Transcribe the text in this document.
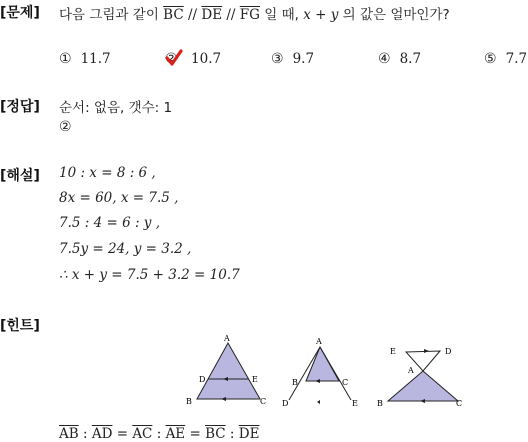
[문제]
[정답]
[해설]
[힌트]
다음 그림과 같이 $\overline{BC} // \overline{DE} // \overline{FG}$ 일 때, x + y 의 값은 얼마인가?
① 11.7	② 10.7	③ 9.7	④ 8.7	⑤ 7.7
순서: 없음, 갯수: 1
②
10 : x = 8 : 6 ,
8x = 60, x = 7.5 ,
7.5 : 4 = 6 : y ,
7.5y = 24, y = 3.2 ,
∴ x + y = 7.5 + 3.2 = 10.7
A
D	E
B	C
A
B	C
D	E
E	D
A
B	C
$\overline{AB}$ : $\overline{AD} = \overline{AC}$ : $\overline{AE} = \overline{BC}$ : $\overline{DE}$
